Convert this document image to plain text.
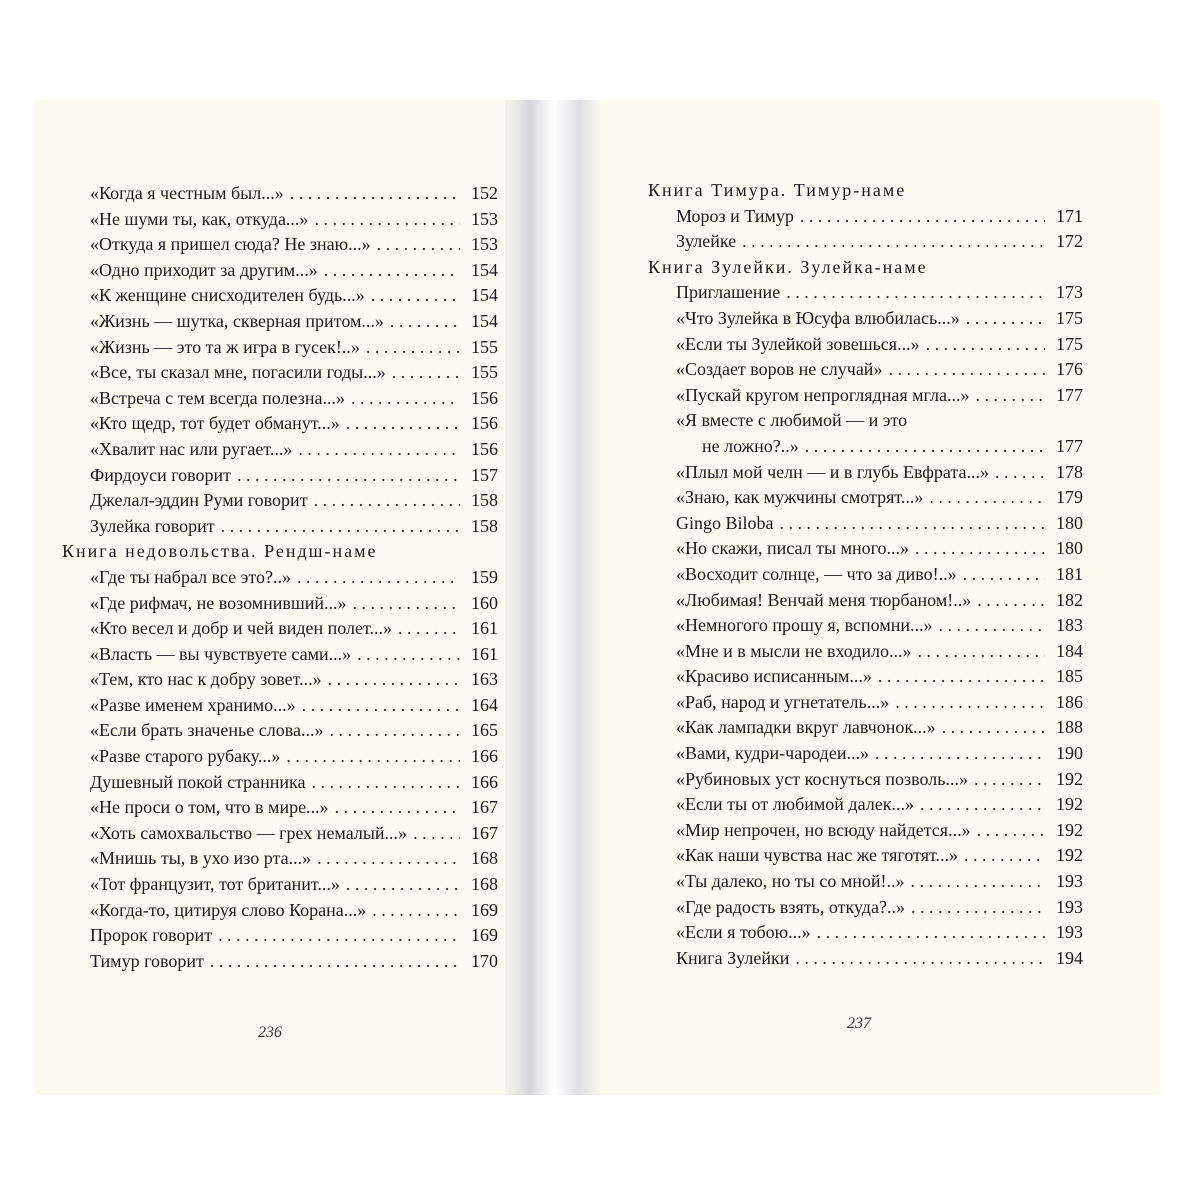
«Когда я честным был...» . . .	152
«Не шуми ты, как, откуда...» . . .	153
«Откуда я пришел сюда? Не знаю...» . . .	153
«Одно приходит за другим...» . . .	154
«К женщине снисходителен будь...» . . .	154
«Жизнь — шутка, скверная притом...» . . .	154
«Жизнь — это та ж игра в гусек!..» . . .	155
«Все, ты сказал мне, погасили годы...» . . .	155
«Встреча с тем всегда полезна...» . . .	156
«Кто щедр, тот будет обманут...» . . .	156
«Хвалит нас или ругает...» . . .	156
Фирдоуси говорит . . .	157
Джелал-эддин Руми говорит . . .	158
Зулейка говорит . . .	158
Книга недовольства. Рендш-наме
«Где ты набрал все это?..» . . .	159
«Где рифмач, не возомнивший...» . . .	160
«Кто весел и добр и чей виден полет...» . . .	161
«Власть — вы чувствуете сами...» . . .	161
«Тем, кто нас к добру зовет...» . . .	163
«Разве именем хранимо...» . . .	164
«Если брать значенье слова...» . . .	165
«Разве старого рубаку...» . . .	166
Душевный покой странника . . .	166
«Не проси о том, что в мире...» . . .	167
«Хоть самохвальство — грех немалый...» . . .	167
«Мнишь ты, в ухо изо рта...» . . .	168
«Тот французит, тот британит...» . . .	168
«Когда-то, цитируя слово Корана...» . . .	169
Пророк говорит . . .	169
Тимур говорит . . .	170
Книга Тимура. Тимур-наме
Мороз и Тимур . . .	171
Зулейке . . .	172
Книга Зулейки. Зулейка-наме
Приглашение . . .	173
«Что Зулейка в Юсуфа влюбилась...» . . .	175
«Если ты Зулейкой зовешься...» . . .	175
«Создает воров не случай» . . .	176
«Пускай кругом непроглядная мгла...» . . .	177
«Я вместе с любимой — и это
не ложно?..» . . .	177
«Плыл мой челн — и в глубь Евфрата...» . . .	178
«Знаю, как мужчины смотрят...» . . .	179
Gingo Biloba . . .	180
«Но скажи, писал ты много...» . . .	180
«Восходит солнце, — что за диво!..» . . .	181
«Любимая! Венчай меня тюрбаном!..» . . .	182
«Немногого прошу я, вспомни...» . . .	183
«Мне и в мысли не входило...» . . .	184
«Красиво исписанным...» . . .	185
«Раб, народ и угнетатель...» . . .	186
«Как лампадки вкруг лавчонок...» . . .	188
«Вами, кудри-чародеи...» . . .	190
«Рубиновых уст коснуться позволь...» . . .	192
«Если ты от любимой далек...» . . .	192
«Мир непрочен, но всюду найдется...» . . .	192
«Как наши чувства нас же тяготят...» . . .	192
«Ты далеко, но ты со мной!..» . . .	193
«Где радость взять, откуда?..» . . .	193
«Если я тобою...» . . .	193
Книга Зулейки . . .	194
236
237
